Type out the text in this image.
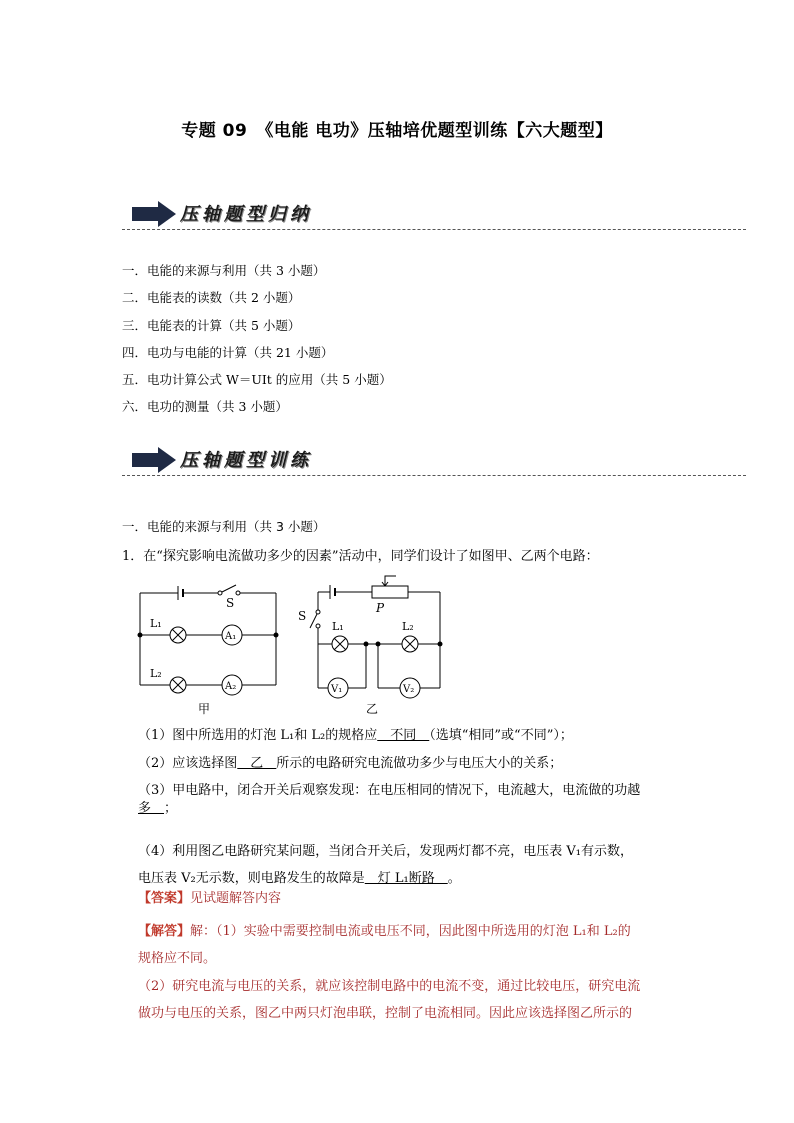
专题 09　《电能 电功》压轴培优题型训练【六大题型】
压轴题型归纳
一．电能的来源与利用（共 3 小题）
二．电能表的读数（共 2 小题）
三．电能表的计算（共 5 小题）
四．电功与电能的计算（共 21 小题）
五．电功计算公式 W＝UIt 的应用（共 5 小题）
六．电功的测量（共 3 小题）
压轴题型训练
一．电能的来源与利用（共 3 小题）
1．在“探究影响电流做功多少的因素”活动中，同学们设计了如图甲、乙两个电路：
S
L₁
L₂
A₁
A₂
甲
S
P
L₁	L₂
V₁	V₂
乙
（1）图中所选用的灯泡 L₁和 L₂的规格应　不同　（选填“相同”或“不同”）；
（2）应该选择图　乙　所示的电路研究电流做功多少与电压大小的关系；
（3）甲电路中，闭合开关后观察发现：在电压相同的情况下，电流越大，电流做的功越
多　；
（4）利用图乙电路研究某问题，当闭合开关后，发现两灯都不亮，电压表 V₁有示数，
电压表 V₂无示数，则电路发生的故障是　灯 L₁断路　。
【答案】见试题解答内容
【解答】解：（1）实验中需要控制电流或电压不同，因此图中所选用的灯泡 L₁和 L₂的
规格应不同。
（2）研究电流与电压的关系，就应该控制电路中的电流不变，通过比较电压，研究电流
做功与电压的关系，图乙中两只灯泡串联，控制了电流相同。因此应该选择图乙所示的
